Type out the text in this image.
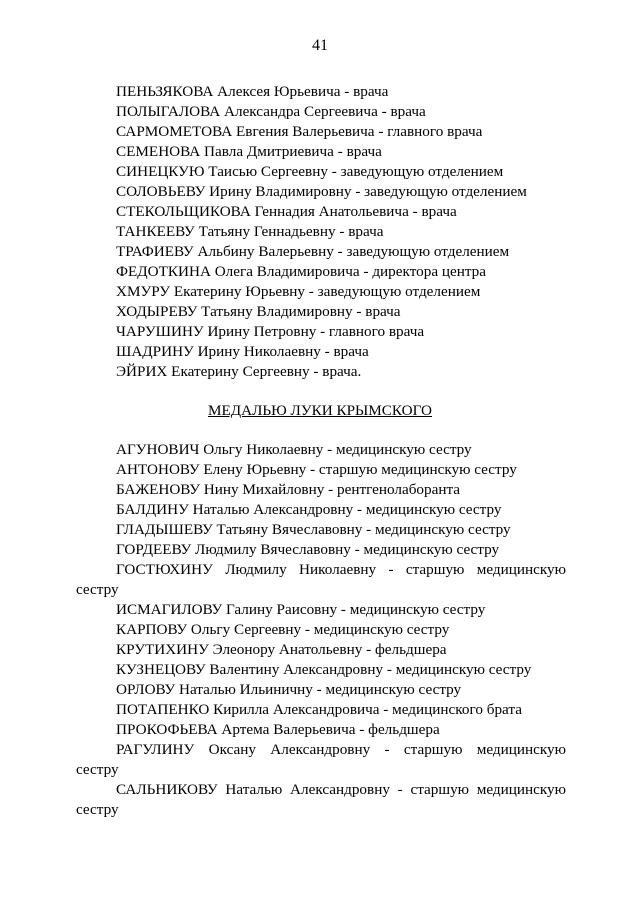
41
ПЕНЬЗЯКОВА Алексея Юрьевича - врача
ПОЛЫГАЛОВА Александра Сергеевича - врача
САРМОМЕТОВА Евгения Валерьевича - главного врача
СЕМЕНОВА Павла Дмитриевича - врача
СИНЕЦКУЮ Таисью Сергеевну - заведующую отделением
СОЛОВЬЕВУ Ирину Владимировну - заведующую отделением
СТЕКОЛЬЩИКОВА Геннадия Анатольевича - врача
ТАНКЕЕВУ Татьяну Геннадьевну - врача
ТРАФИЕВУ Альбину Валерьевну - заведующую отделением
ФЕДОТКИНА Олега Владимировича - директора центра
ХМУРУ Екатерину Юрьевну - заведующую отделением
ХОДЫРЕВУ Татьяну Владимировну - врача
ЧАРУШИНУ Ирину Петровну - главного врача
ШАДРИНУ Ирину Николаевну - врача
ЭЙРИХ Екатерину Сергеевну - врача.
МЕДАЛЬЮ ЛУКИ КРЫМСКОГО
АГУНОВИЧ Ольгу Николаевну - медицинскую сестру
АНТОНОВУ Елену Юрьевну - старшую медицинскую сестру
БАЖЕНОВУ Нину Михайловну - рентгенолаборанта
БАЛДИНУ Наталью Александровну - медицинскую сестру
ГЛАДЫШЕВУ Татьяну Вячеславовну - медицинскую сестру
ГОРДЕЕВУ Людмилу Вячеславовну - медицинскую сестру
ГОСТЮХИНУ Людмилу Николаевну - старшую медицинскую
сестру
ИСМАГИЛОВУ Галину Раисовну - медицинскую сестру
КАРПОВУ Ольгу Сергеевну - медицинскую сестру
КРУТИХИНУ Элеонору Анатольевну - фельдшера
КУЗНЕЦОВУ Валентину Александровну - медицинскую сестру
ОРЛОВУ Наталью Ильиничну - медицинскую сестру
ПОТАПЕНКО Кирилла Александровича - медицинского брата
ПРОКОФЬЕВА Артема Валерьевича - фельдшера
РАГУЛИНУ Оксану Александровну - старшую медицинскую
сестру
САЛЬНИКОВУ Наталью Александровну - старшую медицинскую
сестру
